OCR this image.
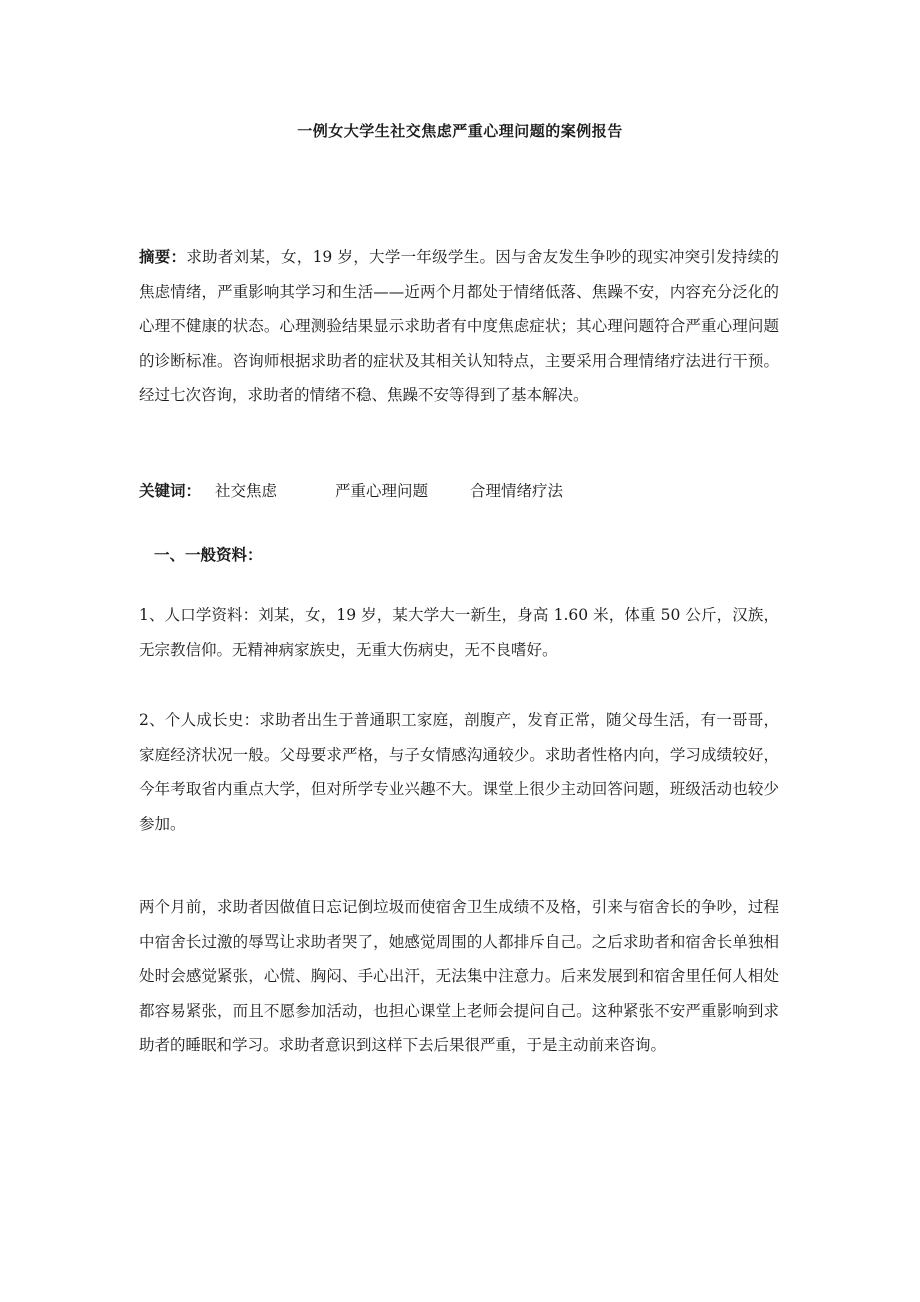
一例女大学生社交焦虑严重心理问题的案例报告
摘要：求助者刘某，女，19 岁，大学一年级学生。因与舍友发生争吵的现实冲突引发持续的焦虑情绪，严重影响其学习和生活——近两个月都处于情绪低落、焦躁不安，内容充分泛化的心理不健康的状态。心理测验结果显示求助者有中度焦虑症状；其心理问题符合严重心理问题的诊断标准。咨询师根据求助者的症状及其相关认知特点，主要采用合理情绪疗法进行干预。经过七次咨询，求助者的情绪不稳、焦躁不安等得到了基本解决。
关键词： 社交焦虑	严重心理问题	合理情绪疗法
一、一般资料：
1、人口学资料：刘某，女，19 岁，某大学大一新生，身高 1.60 米，体重 50 公斤，汉族，无宗教信仰。无精神病家族史，无重大伤病史，无不良嗜好。
2、个人成长史：求助者出生于普通职工家庭，剖腹产，发育正常，随父母生活，有一哥哥，家庭经济状况一般。父母要求严格，与子女情感沟通较少。求助者性格内向，学习成绩较好，今年考取省内重点大学，但对所学专业兴趣不大。课堂上很少主动回答问题，班级活动也较少参加。
两个月前，求助者因做值日忘记倒垃圾而使宿舍卫生成绩不及格，引来与宿舍长的争吵，过程中宿舍长过激的辱骂让求助者哭了，她感觉周围的人都排斥自己。之后求助者和宿舍长单独相处时会感觉紧张，心慌、胸闷、手心出汗，无法集中注意力。后来发展到和宿舍里任何人相处都容易紧张，而且不愿参加活动，也担心课堂上老师会提问自己。这种紧张不安严重影响到求助者的睡眠和学习。求助者意识到这样下去后果很严重，于是主动前来咨询。
